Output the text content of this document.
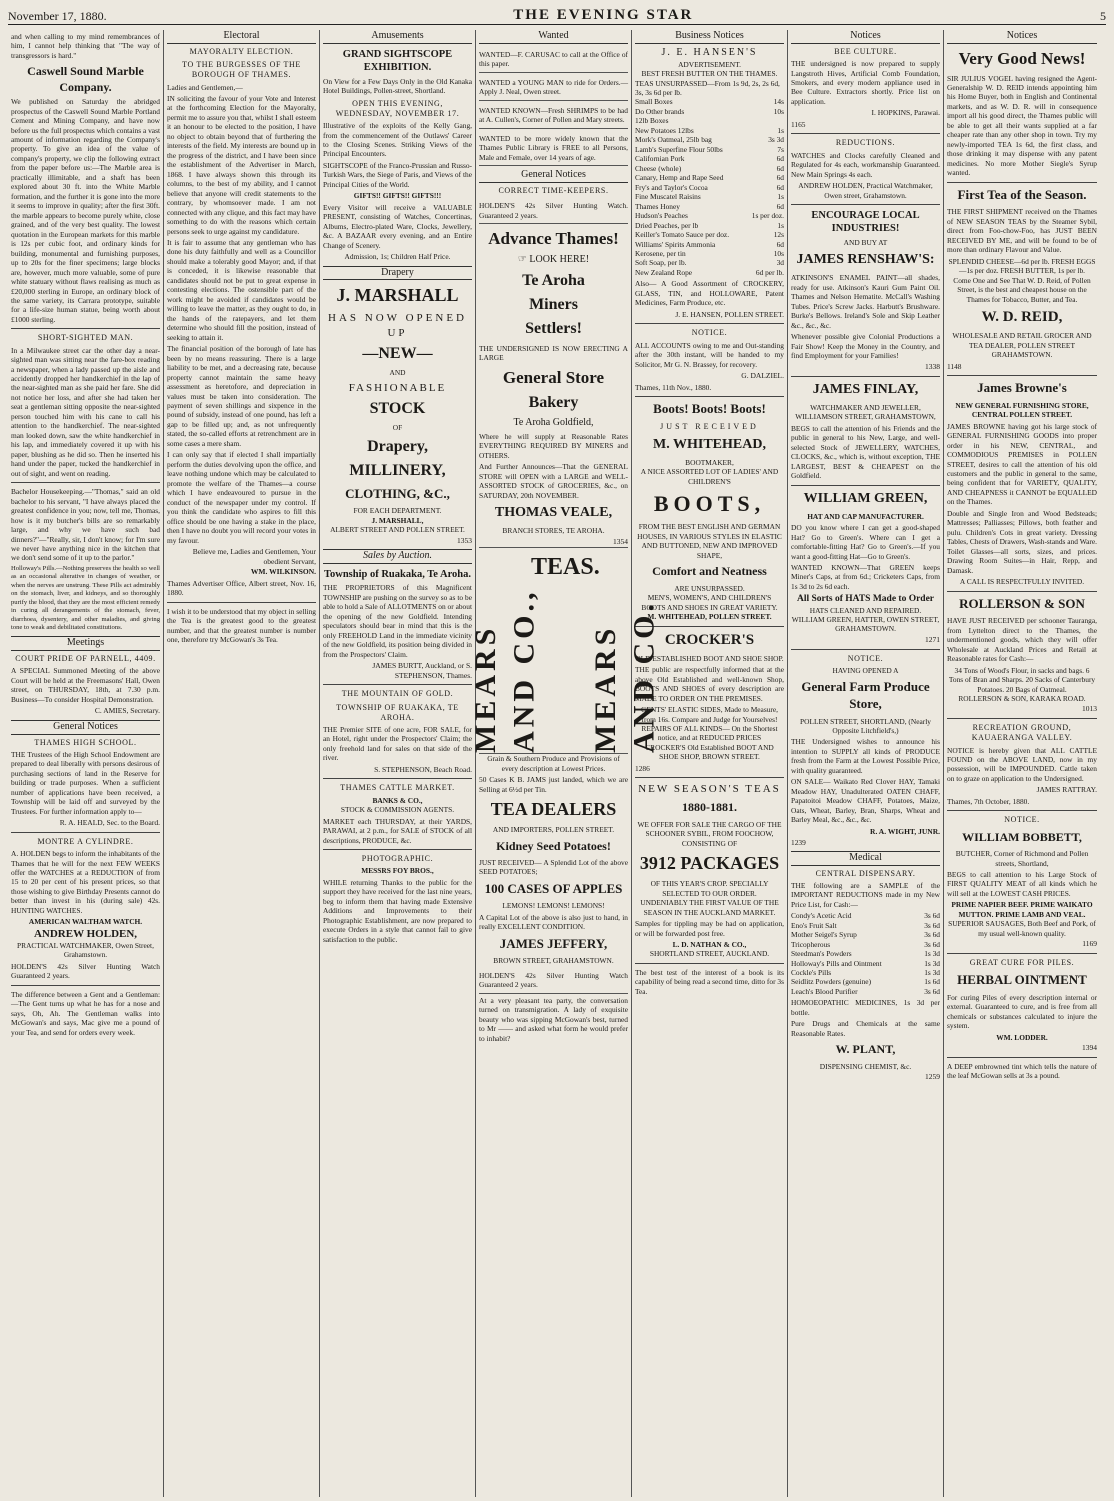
November 17, 1880.	THE EVENING STAR	5
and when calling to my mind remembrances of him, I cannot help thinking that "The way of transgressors is hard."
Caswell Sound Marble Company.
We published on Saturday the abridged prospectus of the Caswell Sound Marble Portland Cement and Mining Company, and have now before us the full prospectus which contains a vast amount of information regarding the Company's property. To give an idea of the value of company's property, we clip the following extract from the paper before us:—The Marble area is practically illimitable, and a shaft has been explored about 30 ft. into the White Marble formation, and the further it is gone into the more it seems to improve in quality; after the first 30ft. the marble appears to become purely white, close grained, and of the very best quality. The lowest quotation in the European markets for this marble is 12s per cubic foot, and ordinary kinds for building, monumental and furnishing purposes, up to 20s for the finer specimens; large blocks are, however, much more valuable, some of pure white statuary without flaws realising as much as £20,000 sterling in Europe, an ordinary block of the same variety, its Carrara prototype, suitable for a life-size human statue, being worth about £1000 sterling.
SHORT-SIGHTED MAN.
In a Milwaukee street car the other day a near-sighted man was sitting near the fare-box reading a newspaper, when a lady passed up the aisle and accidently dropped her handkerchief in the lap of the near-sighted man as she paid her fare. She did not notice her loss, and after she had taken her seat a gentleman sitting opposite the near-sighted person touched him with his cane to call his attention to the handkerchief. The near-sighted man looked down, saw the white handkerchief in his lap, and immediately covered it up with his paper, blushing as he did so. Then he inserted his hand under the paper, tucked the handkerchief in out of sight, and went on reading.
Bachelor Housekeeping.—"Thomas," said an old bachelor to his servant, "I have always placed the greatest confidence in you; now, tell me, Thomas, how is it my butcher's bills are so remarkably large, and why we have such bad dinners?"—"Really, sir, I don't know; for I'm sure we never have anything nice in the kitchen that we don't send some of it up to the parlor."
Holloway's Pills.—Nothing preserves the health so well as an occasional alterative in changes of weather, or when the nerves are unstrung. These Pills act admirably on the stomach, liver, and kidneys, and so thoroughly purify the blood, that they are the most efficient remedy in curing all derangements of the stomach, fever, diarrhoea, dysentery, and other maladies, and giving tone to weak and debilitated constitutions.
Meetings
COURT PRIDE OF PARNELL, 4409.
A SPECIAL Summoned Meeting of the above Court will be held at the Freemasons' Hall, Owen street, on THURSDAY, 18th, at 7.30 p.m. Business—To consider Hospital Demonstration.
C. AMIES, Secretary.
General Notices
THAMES HIGH SCHOOL.
THE Trustees of the High School Endowment are prepared to deal liberally with persons desirous of purchasing sections of land in the Reserve for building or trade purposes. When a sufficient number of applications have been received, a Township will be laid off and surveyed by the Trustees. For further information apply to—
R. A. HEALD, Sec. to the Board.
MONTRE A CYLINDRE.
A. HOLDEN begs to inform the inhabitants of the Thames that he will for the next FEW WEEKS offer the WATCHES at a REDUCTION of from 15 to 20 per cent of his present prices, so that those wishing to give Birthday Presents cannot do better than invest in his (during sale) 42s. HUNTING WATCHES.
AMERICAN WALTHAM WATCH.
ANDREW HOLDEN,
PRACTICAL WATCHMAKER, Owen Street, Grahamstown.
HOLDEN'S 42s Silver Hunting Watch Guaranteed 2 years.
The difference between a Gent and a Gentleman:—The Gent turns up what he has for a nose and says, Oh, Ah. The Gentleman walks into McGowan's and says, Mac give me a pound of your Tea, and send for orders every week.
Electoral
MAYORALTY ELECTION.
TO THE BURGESSES OF THE BOROUGH OF THAMES.
Ladies and Gentlemen,—
IN soliciting the favour of your Vote and Interest at the forthcoming Election for the Mayoralty, permit me to assure you that, whilst I shall esteem it an honour to be elected to the position, I have no object to obtain beyond that of furthering the interests of the field. My interests are bound up in the progress of the district, and I have been since the establishment of the Advertiser in March, 1868. I have always shown this through its columns, to the best of my ability, and I cannot believe that anyone will credit statements to the contrary, by whomsoever made. I am not connected with any clique, and this fact may have something to do with the reasons which certain persons seek to urge against my candidature.
It is fair to assume that any gentleman who has done his duty faithfully and well as a Councillor should make a tolerably good Mayor; and, if that is conceded, it is likewise reasonable that candidates should not be put to great expense in contesting elections. The ostensible part of the work might be avoided if candidates would be willing to leave the matter, as they ought to do, in the hands of the ratepayers, and let them determine who should fill the position, instead of seeking to attain it.
The financial position of the borough of late has been by no means reassuring. There is a large liability to be met, and a decreasing rate, because property cannot maintain the same heavy assessment as heretofore, and depreciation in values must be taken into consideration. The payment of seven shillings and sixpence in the pound of subsidy, instead of one pound, has left a gap to be filled up; and, as not unfrequently stated, the so-called efforts at retrenchment are in some cases a mere sham.
I can only say that if elected I shall impartially perform the duties devolving upon the office, and leave nothing undone which may be calculated to promote the welfare of the Thames—a course which I have endeavoured to pursue in the conduct of the newspaper under my control. If you think the candidate who aspires to fill this office should be one having a stake in the place, then I have no doubt you will record your votes in my favour.
Believe me, Ladies and Gentlemen, Your obedient Servant,
WM. WILKINSON.
Thames Advertiser Office, Albert street, Nov. 16, 1880.
I wish it to be understood that my object in selling the Tea is the greatest good to the greatest number, and that the greatest number is number one, therefore try McGowan's 3s Tea.
Amusements
GRAND SIGHTSCOPE EXHIBITION.
On View for a Few Days Only in the Old Kanaka Hotel Buildings, Pollen-street, Shortland.
OPEN THIS EVENING, WEDNESDAY, NOVEMBER 17.
Illustrative of the exploits of the Kelly Gang, from the commencement of the Outlaws' Career to the Closing Scenes. Striking Views of the Principal Encounters.
SIGHTSCOPE of the Franco-Prussian and Russo-Turkish Wars, the Siege of Paris, and Views of the Principal Cities of the World.
GIFTS!! GIFTS!! GIFTS!!!
Every Visitor will receive a VALUABLE PRESENT, consisting of Watches, Concertinas, Albums, Electro-plated Ware, Clocks, Jewellery, &c. A BAZAAR every evening, and an Entire Change of Scenery.
Admission, 1s; Children Half Price.
Drapery
J. MARSHALL
HAS NOW OPENED UP
—NEW—
AND
FASHIONABLE
STOCK
OF
Drapery,
MILLINERY,
CLOTHING, &C.,
FOR EACH DEPARTMENT.
J. MARSHALL,
ALBERT STREET AND POLLEN STREET.
1353
Sales by Auction.
Township of Ruakaka, Te Aroha.
THE PROPRIETORS of this Magnificent TOWNSHIP are pushing on the survey so as to be able to hold a Sale of ALLOTMENTS on or about the opening of the new Goldfield. Intending speculators should bear in mind that this is the only FREEHOLD Land in the immediate vicinity of the new Goldfield, its position being divided in from the Prospectors' Claim.
JAMES BURTT, Auckland, or S. STEPHENSON, Thames.
THE MOUNTAIN OF GOLD.
TOWNSHIP OF RUAKAKA, TE AROHA.
THE Premier SITE of one acre, FOR SALE, for an Hotel, right under the Prospectors' Claim; the only freehold land for sales on that side of the river.
S. STEPHENSON, Beach Road.
THAMES CATTLE MARKET.
BANKS & CO.,
STOCK & COMMISSION AGENTS.
MARKET each THURSDAY, at their YARDS, PARAWAI, at 2 p.m., for SALE of STOCK of all descriptions, PRODUCE, &c.
PHOTOGRAPHIC.
MESSRS FOY BROS.,
WHILE returning Thanks to the public for the support they have received for the last nine years, beg to inform them that having made Extensive Additions and Improvements to their Photographic Establishment, are now prepared to execute Orders in a style that cannot fail to give satisfaction to the public.
Wanted
WANTED—F. CARUSAC to call at the Office of this paper.
WANTED a YOUNG MAN to ride for Orders.—Apply J. Neal, Owen street.
WANTED KNOWN—Fresh SHRIMPS to be had at A. Cullen's, Corner of Pollen and Mary streets.
WANTED to be more widely known that the Thames Public Library is FREE to all Persons, Male and Female, over 14 years of age.
General Notices
CORRECT TIME-KEEPERS.
HOLDEN'S 42s Silver Hunting Watch. Guaranteed 2 years.
Advance Thames!
☞ LOOK HERE!
Te Aroha
Miners
Settlers!
THE UNDERSIGNED IS NOW ERECTING A LARGE
General Store
Bakery
Te Aroha Goldfield,
Where he will supply at Reasonable Rates EVERYTHING REQUIRED BY MINERS and OTHERS.
And Further Announces—That the GENERAL STORE will OPEN with a LARGE and WELL-ASSORTED STOCK of GROCERIES, &c., on SATURDAY, 20th NOVEMBER.
THOMAS VEALE,
BRANCH STORES, TE AROHA.
1354
MEARS AND CO.,
TEAS.
MEARS AND CO.
Grain & Southern Produce and Provisions of every description at Lowest Prices.
50 Cases K B. JAMS just landed, which we are Selling at 6½d per Tin.
TEA DEALERS
AND IMPORTERS, POLLEN STREET.
Kidney Seed Potatoes!
JUST RECEIVED— A Splendid Lot of the above SEED POTATOES;
100 CASES OF APPLES
LEMONS! LEMONS! LEMONS!
A Capital Lot of the above is also just to hand, in really EXCELLENT CONDITION.
JAMES JEFFERY,
BROWN STREET, GRAHAMSTOWN.
HOLDEN'S 42s Silver Hunting Watch Guaranteed 2 years.
At a very pleasant tea party, the conversation turned on transmigration. A lady of exquisite beauty who was sipping McGowan's best, turned to Mr —— and asked what form he would prefer to inhabit?
Business Notices
J. E. HANSEN'S
ADVERTISEMENT.
BEST FRESH BUTTER ON THE THAMES.
TEAS UNSURPASSED—From 1s 9d, 2s, 2s 6d, 3s, 3s 6d per lb.
Small Boxes	14s
Do Other brands	10s
12lb Boxes
New Potatoes 12lbs	1s
Mork's Oatmeal, 25lb bag	3s 3d
Lamb's Superfine Flour 50lbs	7s
Californian Pork	6d
Cheese (whole)	6d
Canary, Hemp and Rape Seed	6d
Fry's and Taylor's Cocoa	6d
Fine Muscatel Raisins	1s
Thames Honey	6d
Hudson's Peaches	1s per doz.
Dried Peaches, per lb	1s
Keiller's Tomato Sauce per doz.	12s
Williams' Spirits Ammonia	6d
Kerosene, per tin	10s
Soft Soap, per lb.	3d
New Zealand Rope	6d per lb.
Also— A Good Assortment of CROCKERY, GLASS, TIN, and HOLLOWARE, Patent Medicines, Farm Produce, etc.
J. E. HANSEN, POLLEN STREET.
NOTICE.
ALL ACCOUNTS owing to me and Out-standing after the 30th instant, will be handed to my Solicitor, Mr G. N. Brassey, for recovery.
G. DALZIEL.
Thames, 11th Nov., 1880.
Boots! Boots! Boots!
JUST RECEIVED
M. WHITEHEAD,
BOOTMAKER,
A NICE ASSORTED LOT OF LADIES' AND CHILDREN'S
BOOTS,
FROM THE BEST ENGLISH AND GERMAN HOUSES, IN VARIOUS STYLES IN ELASTIC AND BUTTONED, NEW AND IMPROVED SHAPE,
Comfort and Neatness
ARE UNSURPASSED.
MEN'S, WOMEN'S, AND CHILDREN'S BOOTS AND SHOES IN GREAT VARIETY.
M. WHITEHEAD, POLLEN STREET.
CROCKER'S
OLD ESTABLISHED BOOT AND SHOE SHOP.
THE public are respectfully informed that at the above Old Established and well-known Shop, BOOTS AND SHOES of every description are MADE TO ORDER ON THE PREMISES.
GENTS' ELASTIC SIDES, Made to Measure, from 16s. Compare and Judge for Yourselves!
REPAIRS OF ALL KINDS— On the Shortest notice, and at REDUCED PRICES
CROCKER'S Old Established BOOT AND SHOE SHOP, BROWN STREET.
1286
NEW SEASON'S TEAS
1880-1881.
WE OFFER FOR SALE THE CARGO OF THE SCHOONER SYBIL, FROM FOOCHOW, CONSISTING OF
3912 PACKAGES
OF THIS YEAR'S CROP. SPECIALLY SELECTED TO OUR ORDER.
UNDENIABLY THE FIRST VALUE OF THE SEASON IN THE AUCKLAND MARKET.
Samples for tippling may be had on application, or will be forwarded post free.
L. D. NATHAN & CO.,
SHORTLAND STREET, AUCKLAND.
The best test of the interest of a book is its capability of being read a second time, ditto for 3s Tea.
Notices
BEE CULTURE.
THE undersigned is now prepared to supply Langstroth Hives, Artificial Comb Foundation, Smokers, and every modern appliance used in Bee Culture. Extractors shortly. Price list on application.
I. HOPKINS, Parawai.
1165
REDUCTIONS.
WATCHES and Clocks carefully Cleaned and Regulated for 4s each, workmanship Guaranteed. New Main Springs 4s each.
ANDREW HOLDEN, Practical Watchmaker, Owen street, Grahamstown.
ENCOURAGE LOCAL INDUSTRIES!
AND BUY AT
JAMES RENSHAW'S:
ATKINSON'S ENAMEL PAINT—all shades, ready for use. Atkinson's Kauri Gum Paint Oil. Thames and Nelson Hematite. McCall's Washing Tubes. Price's Screw Jacks. Harbutt's Brushware. Burke's Bellows. Ireland's Sole and Skip Leather &c., &c., &c.
Whenever possible give Colonial Productions a Fair Show! Keep the Money in the Country, and find Employment for your Families!
1338
JAMES FINLAY,
WATCHMAKER AND JEWELLER, WILLIAMSON STREET, GRAHAMSTOWN,
BEGS to call the attention of his Friends and the public in general to his New, Large, and well-selected Stock of JEWELLERY, WATCHES, CLOCKS, &c., which is, without exception, THE LARGEST, BEST & CHEAPEST on the Goldfield.
WILLIAM GREEN,
HAT AND CAP MANUFACTURER.
DO you know where I can get a good-shaped Hat? Go to Green's. Where can I get a comfortable-fitting Hat? Go to Green's.—If you want a good-fitting Hat—Go to Green's.
WANTED KNOWN—That GREEN keeps Miner's Caps, at from 6d.; Cricketers Caps, from 1s 3d to 2s 6d each.
All Sorts of HATS Made to Order
HATS CLEANED AND REPAIRED.
WILLIAM GREEN, HATTER, OWEN STREET, GRAHAMSTOWN.
1271
NOTICE.
HAVING OPENED A
General Farm Produce Store,
POLLEN STREET, SHORTLAND, (Nearly Opposite Litchfield's,)
THE Undersigned wishes to announce his intention to SUPPLY all kinds of PRODUCE fresh from the Farm at the Lowest Possible Price, with quality guaranteed.
ON SALE— Waikato Red Clover HAY, Tamaki Meadow HAY, Unadulterated OATEN CHAFF, Papatoitoi Meadow CHAFF, Potatoes, Maize, Oats, Wheat, Barley, Bran, Sharps, Wheat and Barley Meal, &c., &c., &c.
R. A. WIGHT, JUNR.
1239
Medical
CENTRAL DISPENSARY.
THE following are a SAMPLE of the IMPORTANT REDUCTIONS made in my New Price List, for Cash:—
Condy's Acetic Acid	3s 6d
Eno's Fruit Salt	3s 6d
Mother Seigel's Syrup	3s 6d
Tricopherous	3s 6d
Steedman's Powders	1s 3d
Holloway's Pills and Ointment	1s 3d
Cockle's Pills	1s 3d
Seidlitz Powders (genuine)	1s 6d
Leach's Blood Purifier	3s 6d
HOMOEOPATHIC MEDICINES, 1s 3d per bottle.
Pure Drugs and Chemicals at the same Reasonable Rates.
W. PLANT,
DISPENSING CHEMIST, &c.
1259
Notices
Very Good News!
SIR JULIUS VOGEL having resigned the Agent-Generalship W. D. REID intends appointing him his Home Buyer, both in English and Continental markets, and as W. D. R. will in consequence import all his good direct, the Thames public will be able to get all their wants supplied at a far cheaper rate than any other shop in town. Try my newly-imported TEA 1s 6d, the first class, and those drinking it may dispense with any patent medicines. No more Mother Siegle's Syrup wanted.
First Tea of the Season.
THE FIRST SHIPMENT received on the Thames of NEW SEASON TEAS by the Steamer Sybil, direct from Foo-chow-Foo, has JUST BEEN RECEIVED BY ME, and will be found to be of more than ordinary Flavour and Value.
SPLENDID CHEESE—6d per lb. FRESH EGGS—1s per doz. FRESH BUTTER, 1s per lb.
Come One and See That W. D. Reid, of Pollen Street, is the best and cheapest house on the Thames for Tobacco, Butter, and Tea.
W. D. REID,
WHOLESALE AND RETAIL GROCER AND TEA DEALER, POLLEN STREET GRAHAMSTOWN.
1148
James Browne's
NEW GENERAL FURNISHING STORE, CENTRAL POLLEN STREET.
JAMES BROWNE having got his large stock of GENERAL FURNISHING GOODS into proper order in his NEW, CENTRAL, and COMMODIOUS PREMISES in POLLEN STREET, desires to call the attention of his old customers and the public in general to the same, being confident that for VARIETY, QUALITY, AND CHEAPNESS it CANNOT be EQUALLED on the Thames.
Double and Single Iron and Wood Bedsteads; Mattresses; Palliasses; Pillows, both feather and pulu. Children's Cots in great variety. Dressing Tables, Chests of Drawers, Wash-stands and Ware. Toilet Glasses—all sorts, sizes, and prices. Drawing Room Suites—in Hair, Repp, and Damask.
A CALL IS RESPECTFULLY INVITED.
ROLLERSON & SON
HAVE JUST RECEIVED per schooner Tauranga, from Lyttelton direct to the Thames, the undermentioned goods, which they will offer Wholesale at Auckland Prices and Retail at Reasonable rates for Cash:—
34 Tons of Wood's Flour, in sacks and bags. 6 Tons of Bran and Sharps. 20 Sacks of Canterbury Potatoes. 20 Bags of Oatmeal.
ROLLERSON & SON, KARAKA ROAD.
1013
RECREATION GROUND, KAUAERANGA VALLEY.
NOTICE is hereby given that ALL CATTLE FOUND on the ABOVE LAND, now in my possession, will be IMPOUNDED. Cattle taken on to graze on application to the Undersigned.
JAMES RATTRAY.
Thames, 7th October, 1880.
NOTICE.
WILLIAM BOBBETT,
BUTCHER, Corner of Richmond and Pollen streets, Shortland,
BEGS to call attention to his Large Stock of FIRST QUALITY MEAT of all kinds which he will sell at the LOWEST CASH PRICES.
PRIME NAPIER BEEF. PRIME WAIKATO MUTTON. PRIME LAMB AND VEAL.
SUPERIOR SAUSAGES, Both Beef and Pork, of my usual well-known quality.
1169
GREAT CURE FOR PILES.
HERBAL OINTMENT
For curing Piles of every description internal or external. Guaranteed to cure, and is free from all chemicals or substances calculated to injure the system.
WM. LODDER.
1394
A DEEP embrowned tint which tells the nature of the leaf McGowan sells at 3s a pound.
